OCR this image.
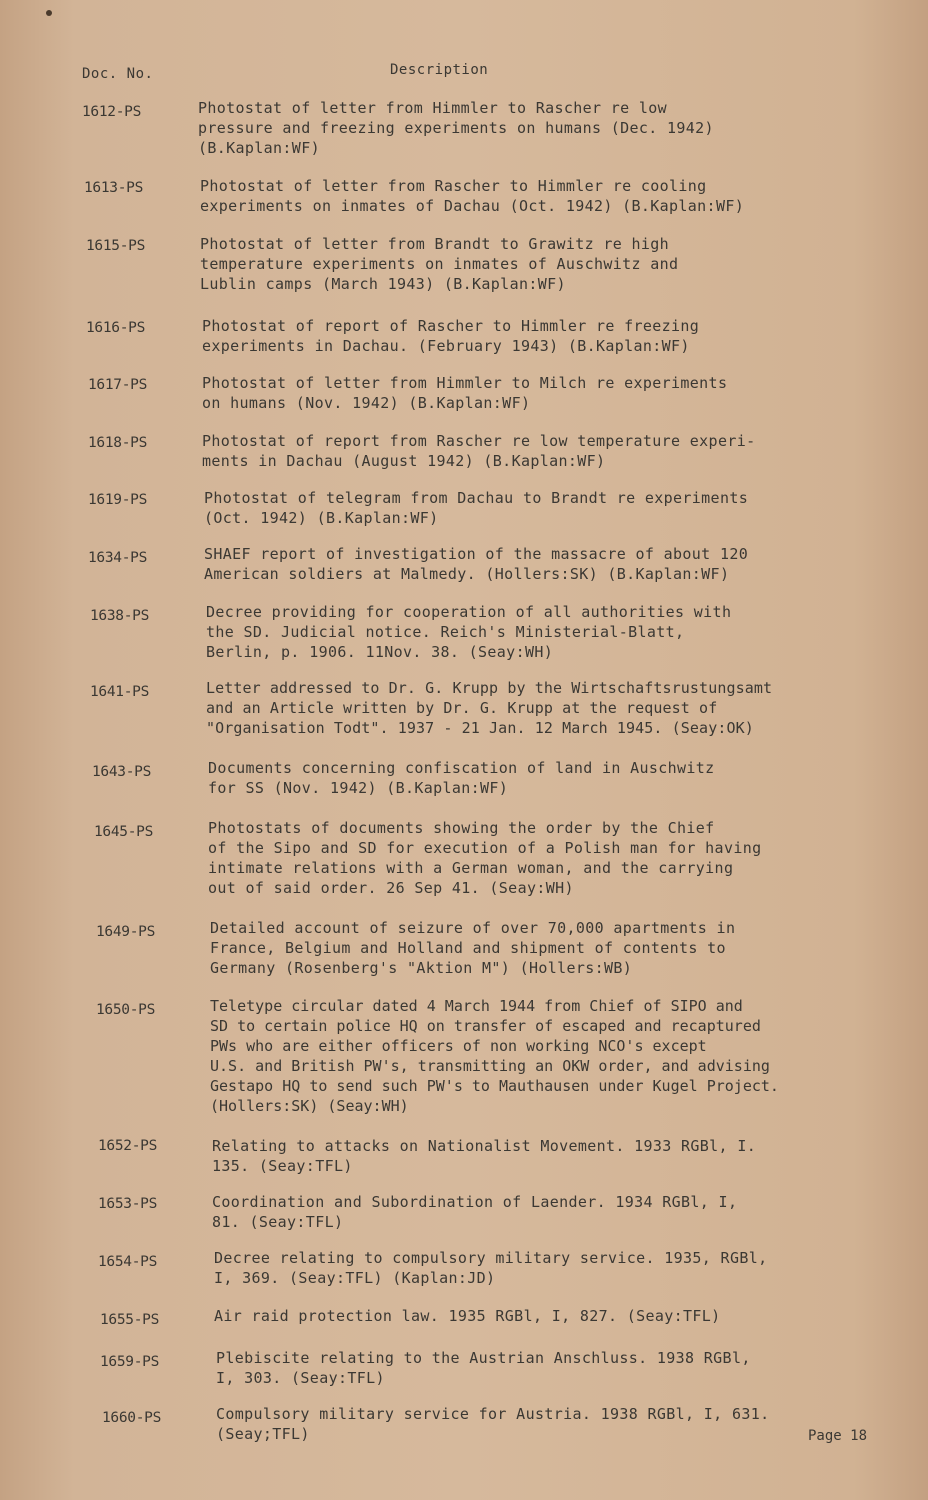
Doc. No.	Description
1612-PS	Photostat of letter from Himmler to Rascher re low
pressure and freezing experiments on humans (Dec. 1942)
(B.Kaplan:WF)
1613-PS	Photostat of letter from Rascher to Himmler re cooling
experiments on inmates of Dachau (Oct. 1942) (B.Kaplan:WF)
1615-PS	Photostat of letter from Brandt to Grawitz re high
temperature experiments on inmates of Auschwitz and
Lublin camps (March 1943) (B.Kaplan:WF)
1616-PS	Photostat of report of Rascher to Himmler re freezing
experiments in Dachau. (February 1943) (B.Kaplan:WF)
1617-PS	Photostat of letter from Himmler to Milch re experiments
on humans (Nov. 1942) (B.Kaplan:WF)
1618-PS	Photostat of report from Rascher re low temperature experi-
ments in Dachau (August 1942) (B.Kaplan:WF)
1619-PS	Photostat of telegram from Dachau to Brandt re experiments
(Oct. 1942) (B.Kaplan:WF)
1634-PS	SHAEF report of investigation of the massacre of about 120
American soldiers at Malmedy. (Hollers:SK) (B.Kaplan:WF)
1638-PS	Decree providing for cooperation of all authorities with
the SD. Judicial notice. Reich's Ministerial-Blatt,
Berlin, p. 1906. 11Nov. 38. (Seay:WH)
1641-PS	Letter addressed to Dr. G. Krupp by the Wirtschaftsrustungsamt
and an Article written by Dr. G. Krupp at the request of
"Organisation Todt". 1937 - 21 Jan. 12 March 1945. (Seay:OK)
1643-PS	Documents concerning confiscation of land in Auschwitz
for SS (Nov. 1942) (B.Kaplan:WF)
1645-PS	Photostats of documents showing the order by the Chief
of the Sipo and SD for execution of a Polish man for having
intimate relations with a German woman, and the carrying
out of said order. 26 Sep 41. (Seay:WH)
1649-PS	Detailed account of seizure of over 70,000 apartments in
France, Belgium and Holland and shipment of contents to
Germany (Rosenberg's "Aktion M") (Hollers:WB)
1650-PS	Teletype circular dated 4 March 1944 from Chief of SIPO and
SD to certain police HQ on transfer of escaped and recaptured
PWs who are either officers of non working NCO's except
U.S. and British PW's, transmitting an OKW order, and advising
Gestapo HQ to send such PW's to Mauthausen under Kugel Project.
(Hollers:SK) (Seay:WH)
1652-PS	Relating to attacks on Nationalist Movement. 1933 RGBl, I.
135. (Seay:TFL)
1653-PS	Coordination and Subordination of Laender. 1934 RGBl, I,
81. (Seay:TFL)
1654-PS	Decree relating to compulsory military service. 1935, RGBl,
I, 369. (Seay:TFL) (Kaplan:JD)
1655-PS	Air raid protection law. 1935 RGBl, I, 827. (Seay:TFL)
1659-PS	Plebiscite relating to the Austrian Anschluss. 1938 RGBl,
I, 303. (Seay:TFL)
1660-PS	Compulsory military service for Austria. 1938 RGBl, I, 631.
(Seay;TFL)	Page 18
